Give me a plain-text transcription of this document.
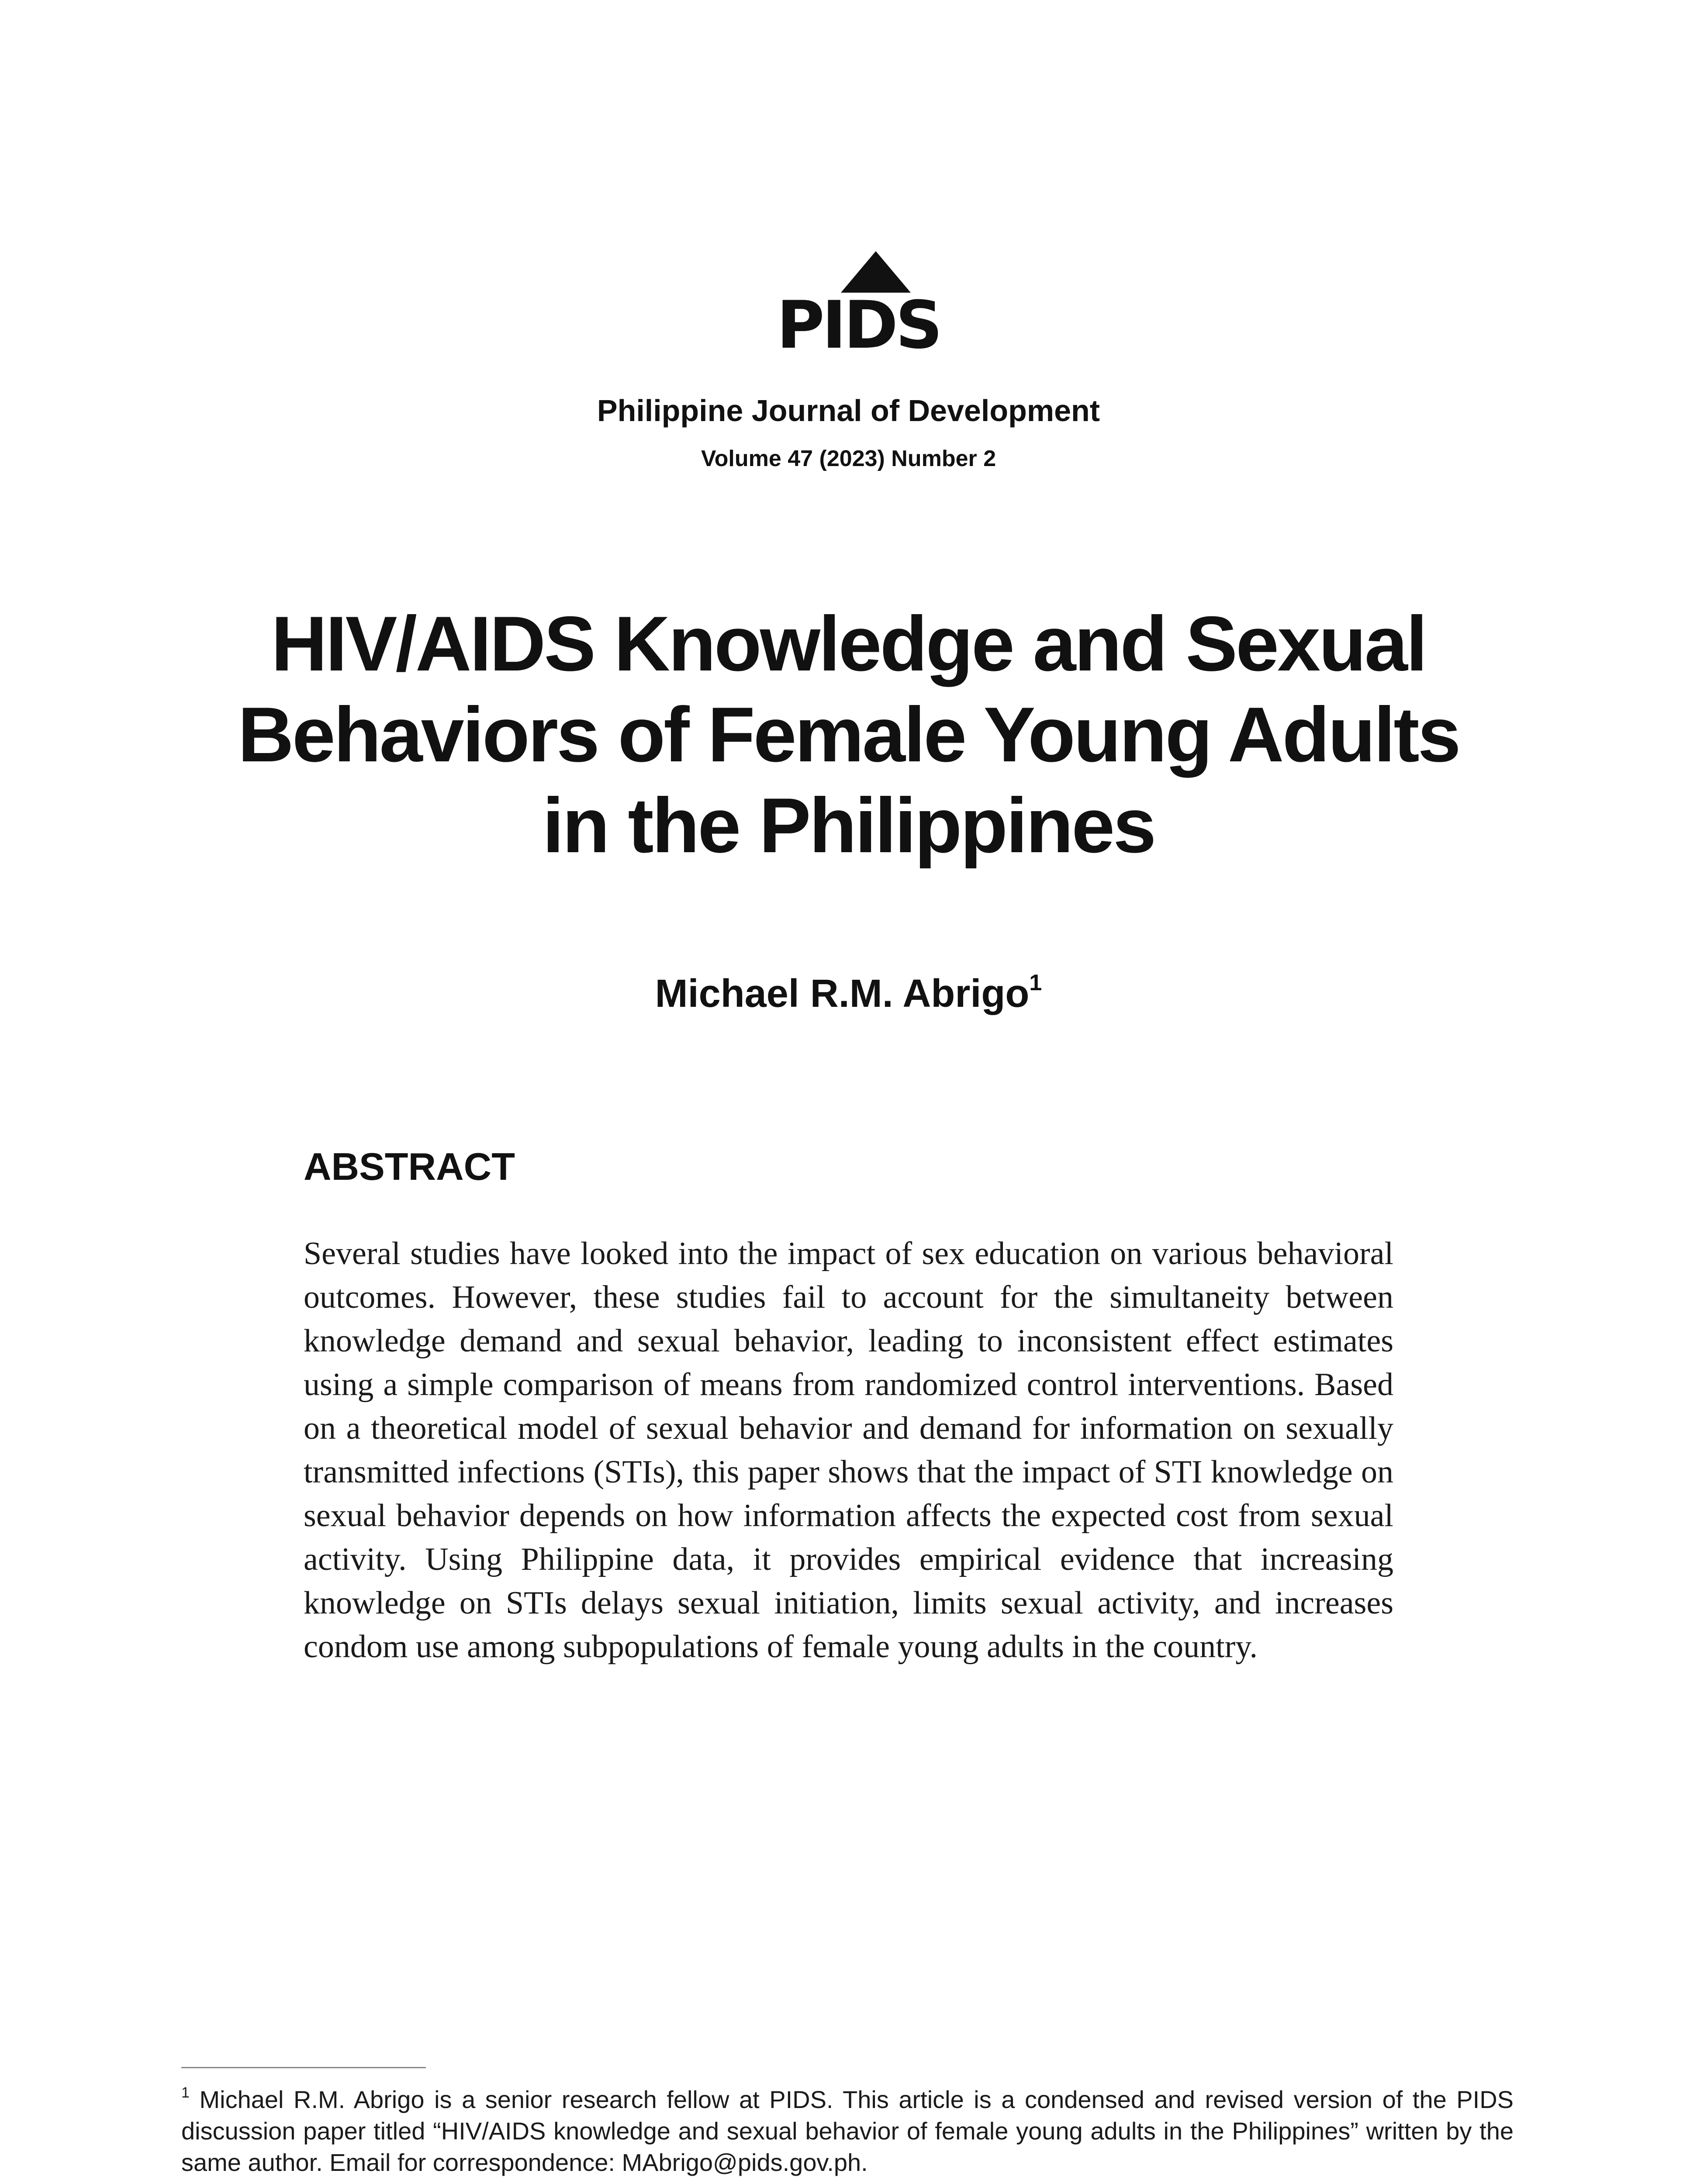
PIDS
Philippine Journal of Development
Volume 47 (2023) Number 2
HIV/AIDS Knowledge and Sexual
Behaviors of Female Young Adults
in the Philippines
Michael R.M. Abrigo$^1$
ABSTRACT

Several studies have looked into the impact of sex education on various behavioral outcomes. However, these studies fail to account for the simultaneity between knowledge demand and sexual behavior, leading to inconsistent effect estimates using a simple comparison of means from randomized control interventions. Based on a theoretical model of sexual behavior and demand for information on sexually transmitted infections (STIs), this paper shows that the impact of STI knowledge on sexual behavior depends on how information affects the expected cost from sexual activity. Using Philippine data, it provides empirical evidence that increasing knowledge on STIs delays sexual initiation, limits sexual activity, and increases condom use among subpopulations of female young adults in the country.

$^1$ Michael R.M. Abrigo is a senior research fellow at PIDS. This article is a condensed and revised version of the PIDS discussion paper titled “HIV/AIDS knowledge and sexual behavior of female young adults in the Philippines” written by the same author. Email for correspondence: MAbrigo@pids.gov.ph.
